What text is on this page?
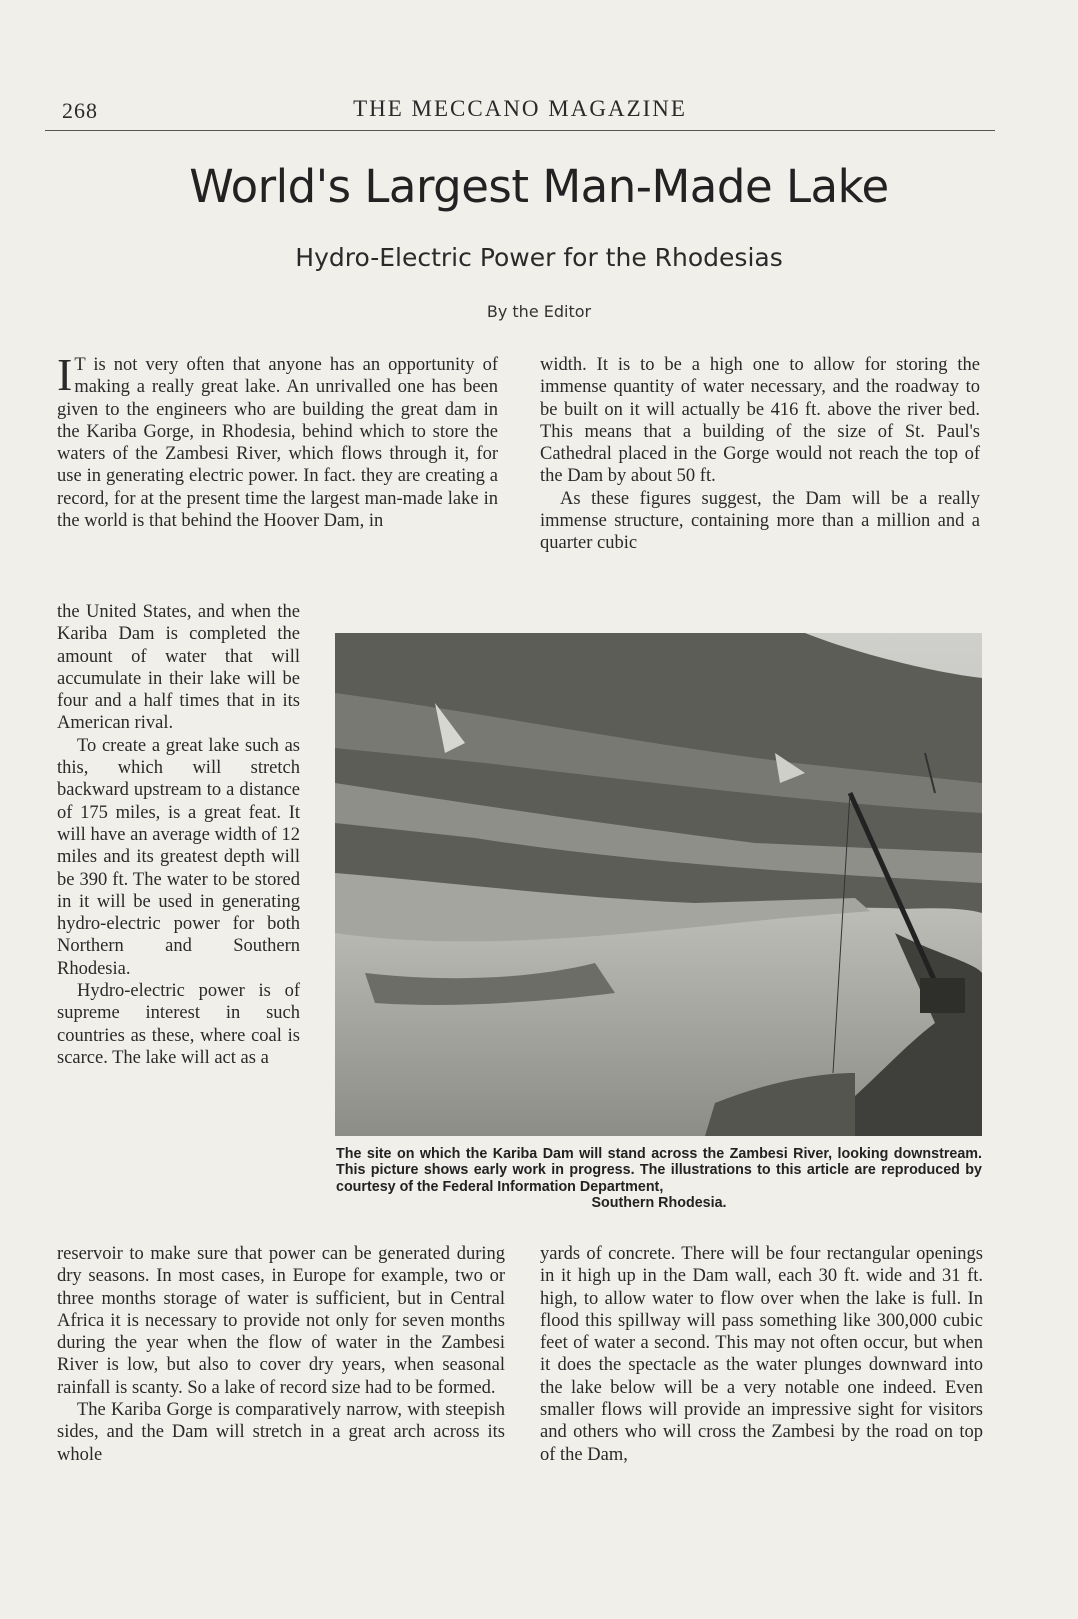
268	THE MECCANO MAGAZINE
World's Largest Man-Made Lake
Hydro-Electric Power for the Rhodesias
By the Editor

I T is not very often that anyone has an opportunity of making a really great lake. An unrivalled one has been given to the engineers who are building the great dam in the Kariba Gorge, in Rhodesia, behind which to store the waters of the Zambesi River, which flows through it, for use in generating electric power. In fact. they are creating a record, for at the present time the largest man-made lake in the world is that behind the Hoover Dam, in

width. It is to be a high one to allow for storing the immense quantity of water necessary, and the roadway to be built on it will actually be 416 ft. above the river bed. This means that a building of the size of St. Paul's Cathedral placed in the Gorge would not reach the top of the Dam by about 50 ft.

As these figures suggest, the Dam will be a really immense structure, containing more than a million and a quarter cubic

the United States, and when the Kariba Dam is completed the amount of water that will accumulate in their lake will be four and a half times that in its American rival.

To create a great lake such as this, which will stretch backward upstream to a distance of 175 miles, is a great feat. It will have an average width of 12 miles and its greatest depth will be 390 ft. The water to be stored in it will be used in generating hydro-electric power for both Northern and Southern Rhodesia.

Hydro-electric power is of supreme interest in such countries as these, where coal is scarce. The lake will act as a

The site on which the Kariba Dam will stand across the Zambesi River, looking downstream. This picture shows early work in progress. The illustrations to this article are reproduced by courtesy of the Federal Information Department,
Southern Rhodesia.

reservoir to make sure that power can be generated during dry seasons. In most cases, in Europe for example, two or three months storage of water is sufficient, but in Central Africa it is necessary to provide not only for seven months during the year when the flow of water in the Zambesi River is low, but also to cover dry years, when seasonal rainfall is scanty. So a lake of record size had to be formed.

The Kariba Gorge is comparatively narrow, with steepish sides, and the Dam will stretch in a great arch across its whole

yards of concrete. There will be four rectangular openings in it high up in the Dam wall, each 30 ft. wide and 31 ft. high, to allow water to flow over when the lake is full. In flood this spillway will pass something like 300,000 cubic feet of water a second. This may not often occur, but when it does the spectacle as the water plunges downward into the lake below will be a very notable one indeed. Even smaller flows will provide an impressive sight for visitors and others who will cross the Zambesi by the road on top of the Dam,
